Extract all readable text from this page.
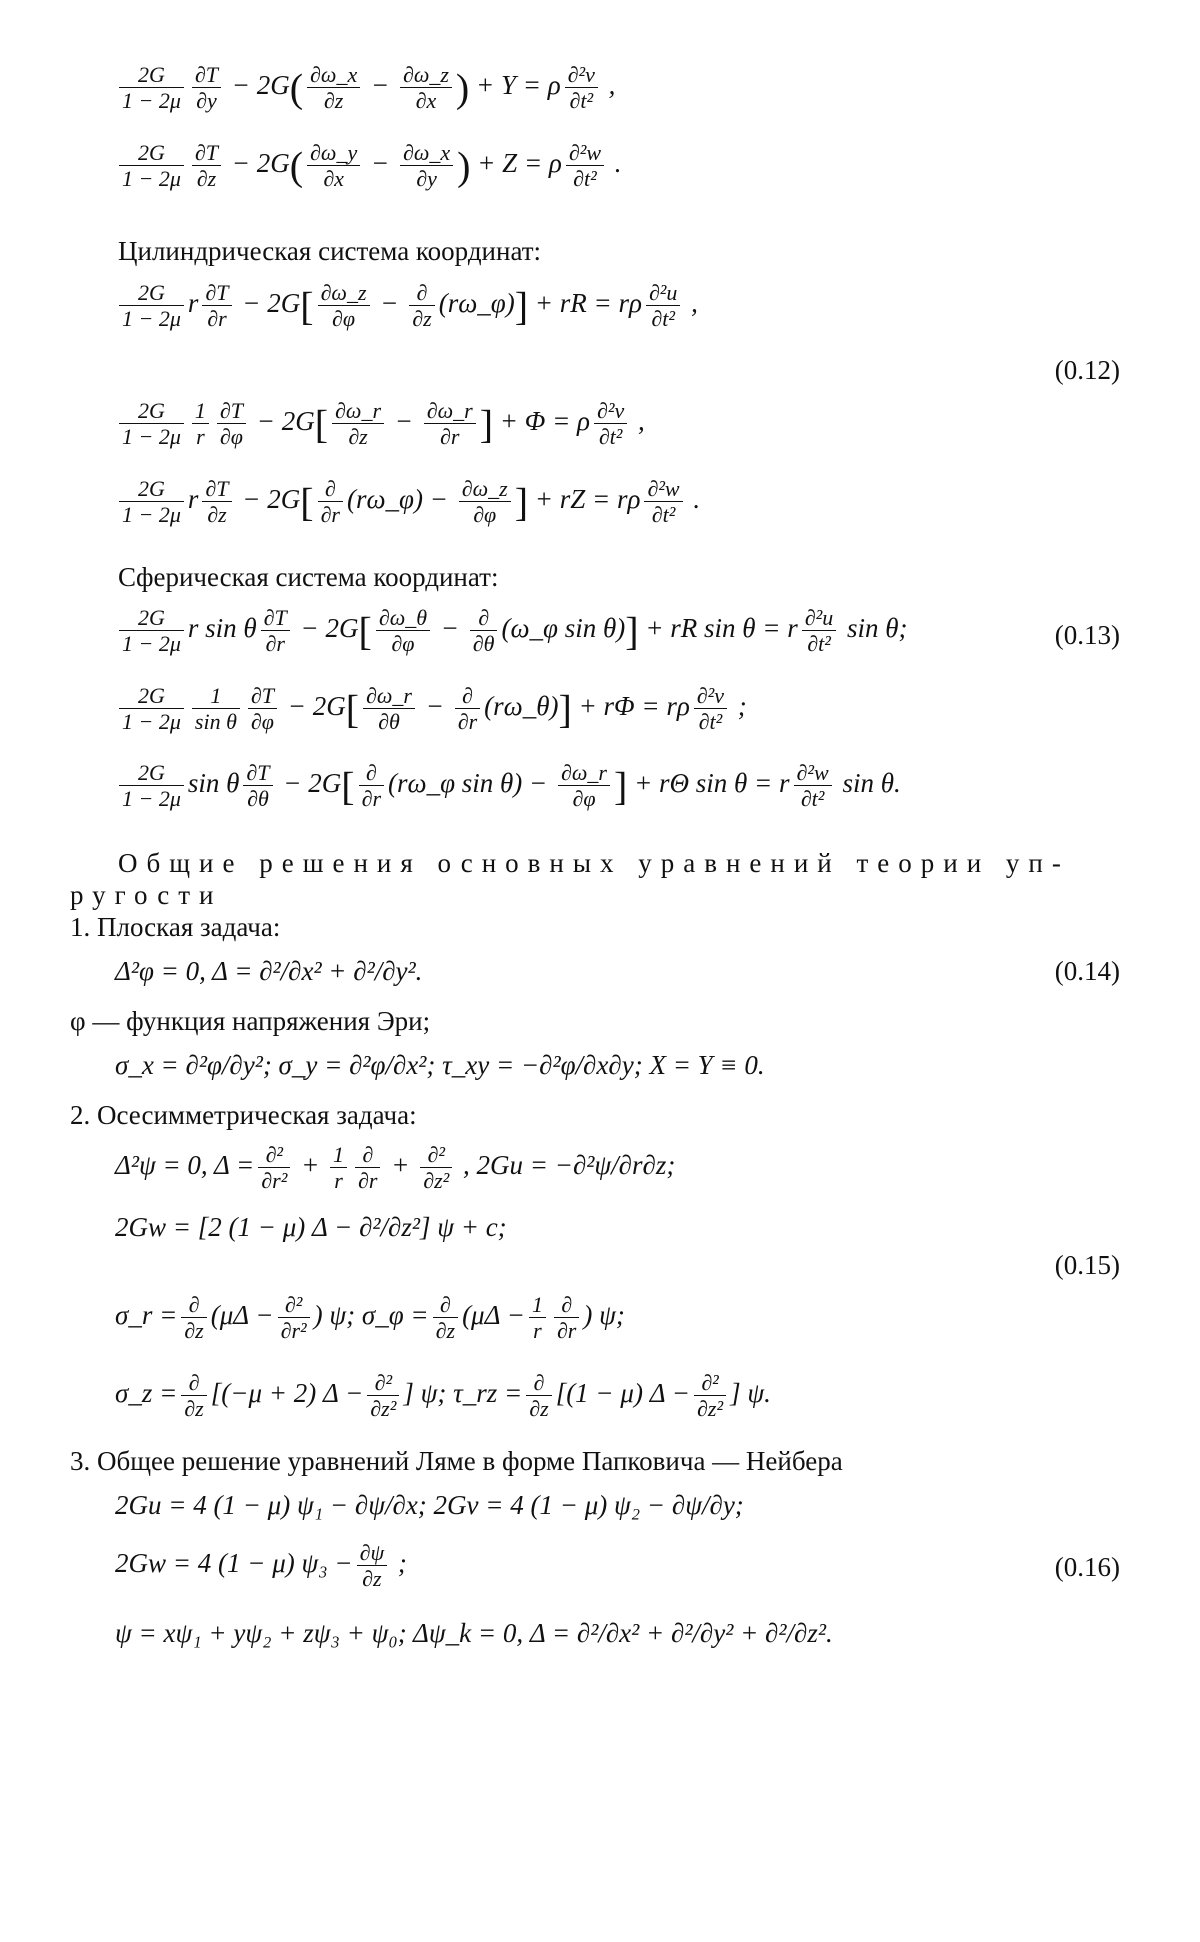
$\frac{2G}{1 - 2\mu} \frac{\partial T}{\partial y} - 2G( \frac{\partial\omega\_x}{\partial z} - \frac{\partial\omega\_z}{\partial x}$ ) + Y = ρ $\frac{\text{∂²v}}{\text{∂t²}}$ ,
$\frac{2G}{1 - 2\mu} \frac{\partial T}{\partial z} - 2G( \frac{\partial\omega\_y}{\partial x} - \frac{\partial\omega\_x}{\partial y}$ ) + Z = ρ $\frac{\text{∂²w}}{\text{∂t²}}$ .
Цилиндрическая система координат:
$\frac{2G}{1 - 2\mu}$ r $\frac{\partial T}{\partial r} - 2G[ \frac{\partial\omega\_z}{\partial\varphi} - \frac{\partial}{\partial z}$ (rω_φ)] + rR = rρ $\frac{\text{∂²u}}{\text{∂t²}}$ ,
(0.12)
$\frac{2G}{1 - 2\mu} \frac{1}{r} \frac{\partial T}{\partial\varphi} - 2G[ \frac{\partial\omega\_r}{\partial z} - \frac{\partial\omega\_r}{\partial r}$ ] + Φ = ρ $\frac{\text{∂²v}}{\text{∂t²}}$ ,
$\frac{2G}{1 - 2\mu}$ r $\frac{\partial T}{\partial z} - 2G[ \frac{\partial}{\partial r}$ (rω_φ) − $\frac{\partial\omega\_z}{\partial\varphi}$ ] + rZ = rρ $\frac{\text{∂²w}}{\text{∂t²}}$ .
Сферическая система координат:
$\frac{2G}{1 - 2\mu}$ r sin θ $\frac{\partial T}{\partial r} - 2G[ \frac{\partial\omega\_\theta}{\partial\varphi} - \frac{\partial}{\partial\theta}$ (ω_φ sin θ)] + rR sin θ = r $\frac{\text{∂²u}}{\text{∂t²}}$ sin θ;	(0.13)
$\frac{2G}{1 - 2\mu} \frac{1}{\text{sin θ}} \frac{\partial T}{\partial\varphi} - 2G[ \frac{\partial\omega\_r}{\partial\theta} - \frac{\partial}{\partial r}$ (rω_θ)] + rΦ = rρ $\frac{\text{∂²v}}{\text{∂t²}}$ ;
$\frac{2G}{1 - 2\mu}$ sin θ $\frac{\partial T}{\partial\theta} - 2G[ \frac{\partial}{\partial r}$ (rω_φ $\sin \theta) - \frac{\partial\omega\_r}{\partial\varphi}$ ] + rΘ sin θ = r $\frac{\text{∂²w}}{\text{∂t²}}$ sin θ.
Общие решения основных уравнений теории уп-
ругости
1. Плоская задача:
Δ²φ = 0, Δ = ∂²/∂x² + ∂²/∂y².	(0.14)
φ — функция напряжения Эри;
σ_x = ∂²φ/∂y²; σ_y = ∂²φ/∂x²; τ_xy = −∂²φ/∂x∂y; X = Y ≡ 0.
2. Осесимметрическая задача:
Δ²ψ = 0, $\Delta = \frac{\text{∂²}}{\text{∂r²}} + \frac{1}{r} \frac{\partial}{\partial r} + \frac{\text{∂²}}{\text{∂z²}}$ , 2Gu = −∂²ψ/∂r∂z;
2Gw = [2 (1 − μ) Δ − ∂²/∂z²] ψ + c;
(0.15)
σ_r = $\frac{\partial}{\partial z} (\mu\Delta - \frac{\text{∂²}}{\text{∂r²}}$ ) ψ; σ_φ = $\frac{\partial}{\partial z} (\mu\Delta - \frac{1}{r} \frac{\partial}{\partial r}$ ) ψ;
σ_z = $\frac{\partial}{\partial z} [(-\mu + 2) \Delta - \frac{\text{∂²}}{\text{∂z²}}$ ] ψ; τ_rz = $\frac{\partial}{\partial z} [(1 - \mu) \Delta - \frac{\text{∂²}}{\text{∂z²}}$ ] ψ.
3. Общее решение уравнений Ляме в форме Папковича — Нейбера
2Gu = 4 (1 − μ) ψ₁ − ∂ψ/∂x; 2Gv = 4 (1 − μ) ψ₂ − ∂ψ/∂y;
2Gw = 4 (1 − μ) $\psi_3 - \frac{\partial\psi}{\partial z}$ ;	(0.16)
ψ = xψ₁ + yψ₂ + zψ₃ + ψ₀; Δψ_k = 0, Δ = ∂²/∂x² + ∂²/∂y² + ∂²/∂z².
